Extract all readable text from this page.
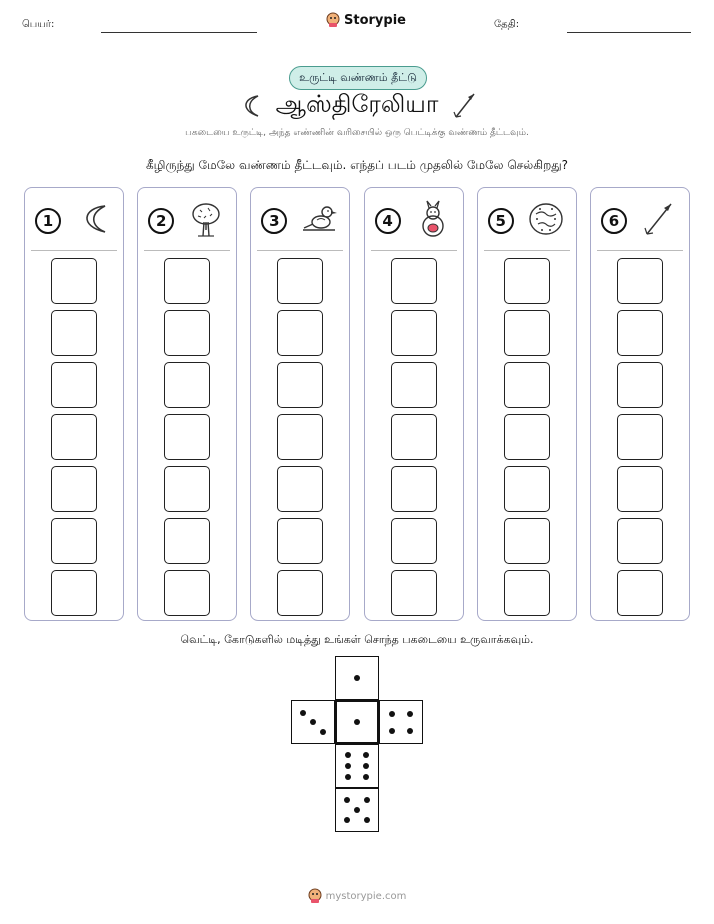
பெயர்:	Storypie	தேதி:
உருட்டி வண்ணம் தீட்டு
ஆஸ்திரேலியா
பகடையை உருட்டி, அந்த எண்ணின் வரிசையில் ஒரு பெட்டிக்கு வண்ணம் தீட்டவும்.
கீழிருந்து மேலே வண்ணம் தீட்டவும். எந்தப் படம் முதலில் மேலே செல்கிறது?
1	2	3	4	5	6
வெட்டி, கோடுகளில் மடித்து உங்கள் சொந்த பகடையை உருவாக்கவும்.
mystorypie.com
